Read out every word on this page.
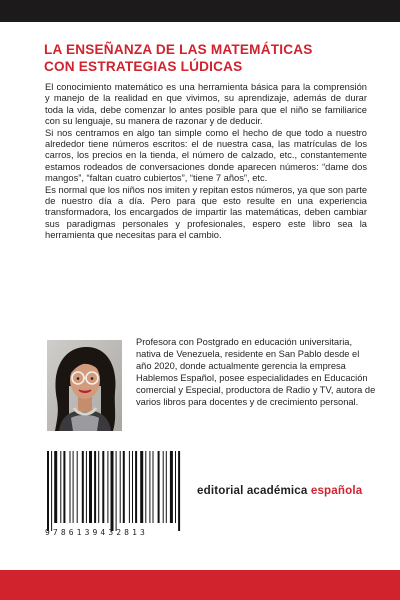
LA ENSEÑANZA DE LAS MATEMÁTICAS
CON ESTRATEGIAS LÚDICAS

El conocimiento matemático es una herramienta básica para la comprensión y manejo de la realidad en que vivimos, su aprendizaje, además de durar toda la vida, debe comenzar lo antes posible para que el niño se familiarice con su lenguaje, su manera de razonar y de deducir.

Si nos centramos en algo tan simple como el hecho de que todo a nuestro alrededor tiene números escritos: el de nuestra casa, las matrículas de los carros, los precios en la tienda, el número de calzado, etc., constantemente estamos rodeados de conversaciones donde aparecen números: “dame dos mangos”, “faltan cuatro cubiertos”, “tiene 7 años”, etc.

Es normal que los niños nos imiten y repitan estos números, ya que son parte de nuestro día a día. Pero para que esto resulte en una experiencia transformadora, los encargados de impartir las matemáticas, deben cambiar sus paradigmas personales y profesionales, espero este libro sea la herramienta que necesitas para el cambio.

Profesora con Postgrado en educación universitaria, nativa de Venezuela, residente en San Pablo desde el año 2020, donde actualmente gerencia la empresa Hablemos Español, posee especialidades en Educación comercial y Especial, productora de Radio y TV, autora de varios libros para docentes y de crecimiento personal.

9786139432813

editorial académica española
